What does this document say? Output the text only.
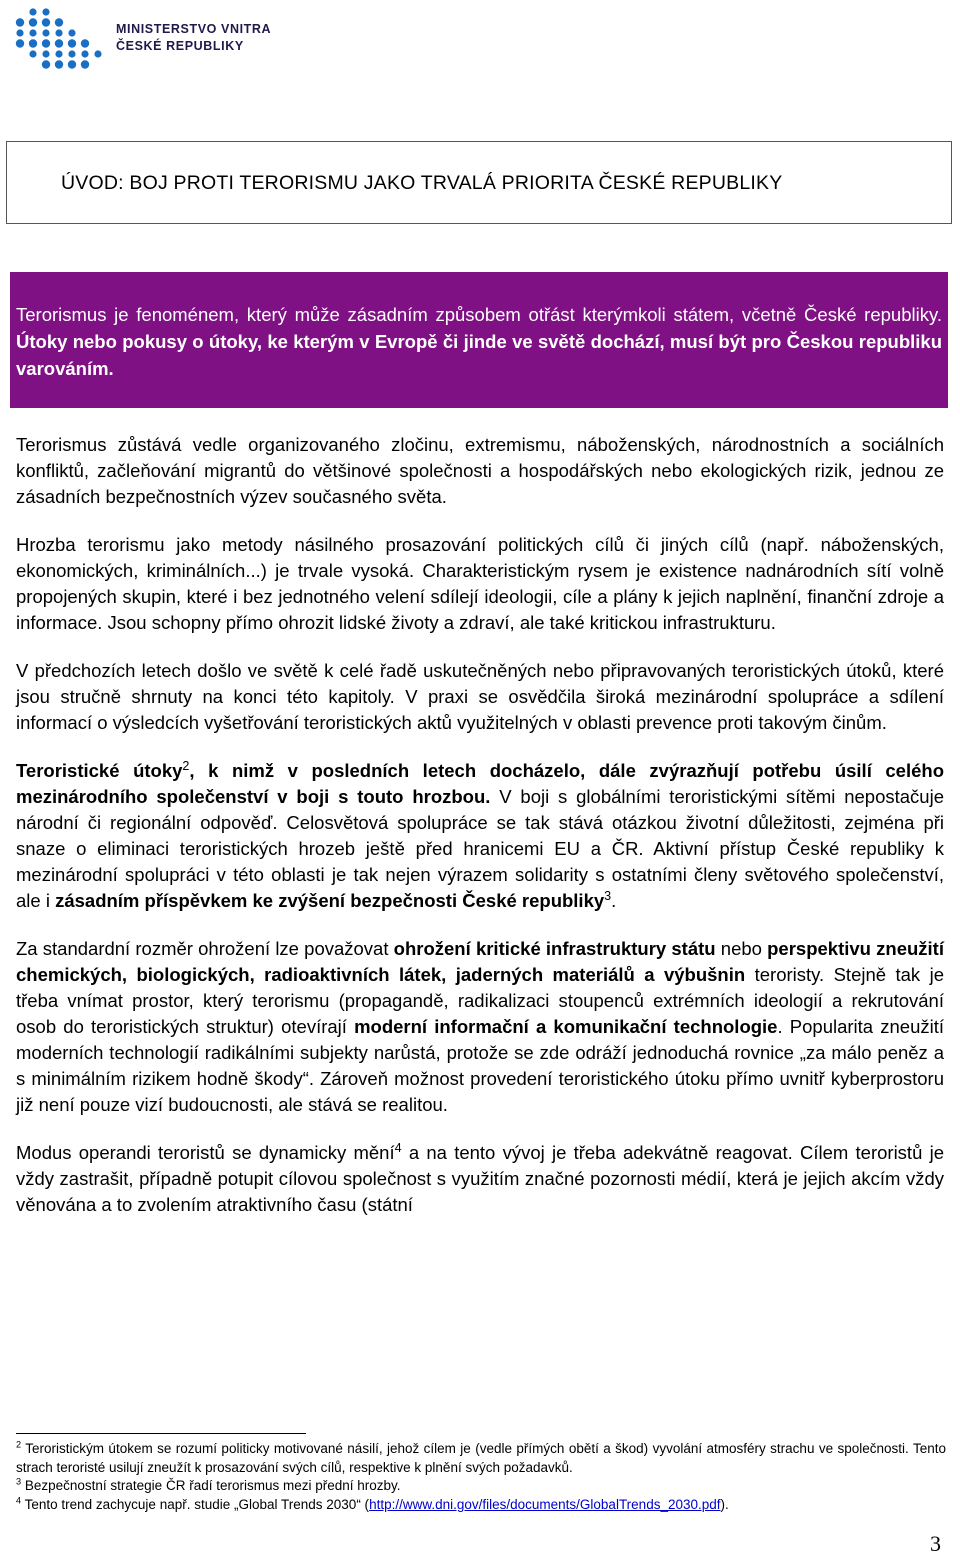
MINISTERSTVO VNITRA
ČESKÉ REPUBLIKY
ÚVOD: BOJ PROTI TERORISMU JAKO TRVALÁ PRIORITA ČESKÉ REPUBLIKY
Terorismus je fenoménem, který může zásadním způsobem otřást kterýmkoli státem, včetně České republiky. Útoky nebo pokusy o útoky, ke kterým v Evropě či jinde ve světě dochází, musí být pro Českou republiku varováním.

Terorismus zůstává vedle organizovaného zločinu, extremismu, náboženských, národnostních a sociálních konfliktů, začleňování migrantů do většinové společnosti a hospodářských nebo ekologických rizik, jednou ze zásadních bezpečnostních výzev současného světa.

Hrozba terorismu jako metody násilného prosazování politických cílů či jiných cílů (např. náboženských, ekonomických, kriminálních...) je trvale vysoká. Charakteristickým rysem je existence nadnárodních sítí volně propojených skupin, které i bez jednotného velení sdílejí ideologii, cíle a plány k jejich naplnění, finanční zdroje a informace. Jsou schopny přímo ohrozit lidské životy a zdraví, ale také kritickou infrastrukturu.

V předchozích letech došlo ve světě k celé řadě uskutečněných nebo připravovaných teroristických útoků, které jsou stručně shrnuty na konci této kapitoly. V praxi se osvědčila široká mezinárodní spolupráce a sdílení informací o výsledcích vyšetřování teroristických aktů využitelných v oblasti prevence proti takovým činům.

Teroristické útoky$^2$, k nimž v posledních letech docházelo, dále zvýrazňují potřebu úsilí celého mezinárodního společenství v boji s touto hrozbou. V boji s globálními teroristickými sítěmi nepostačuje národní či regionální odpověď. Celosvětová spolupráce se tak stává otázkou životní důležitosti, zejména při snaze o eliminaci teroristických hrozeb ještě před hranicemi EU a ČR. Aktivní přístup České republiky k mezinárodní spolupráci v této oblasti je tak nejen výrazem solidarity s ostatními členy světového společenství, ale i zásadním příspěvkem ke zvýšení bezpečnosti České republiky$^3$.

Za standardní rozměr ohrožení lze považovat ohrožení kritické infrastruktury státu nebo perspektivu zneužití chemických, biologických, radioaktivních látek, jaderných materiálů a výbušnin teroristy. Stejně tak je třeba vnímat prostor, který terorismu (propagandě, radikalizaci stoupenců extrémních ideologií a rekrutování osob do teroristických struktur) otevírají moderní informační a komunikační technologie. Popularita zneužití moderních technologií radikálními subjekty narůstá, protože se zde odráží jednoduchá rovnice „za málo peněz a s minimálním rizikem hodně škody“. Zároveň možnost provedení teroristického útoku přímo uvnitř kyberprostoru již není pouze vizí budoucnosti, ale stává se realitou.

Modus operandi teroristů se dynamicky mění$^4$ a na tento vývoj je třeba adekvátně reagovat. Cílem teroristů je vždy zastrašit, případně potupit cílovou společnost s využitím značné pozornosti médií, která je jejich akcím vždy věnována a to zvolením atraktivního času (státní

$^2$ Teroristickým útokem se rozumí politicky motivované násilí, jehož cílem je (vedle přímých obětí a škod) vyvolání atmosféry strachu ve společnosti. Tento strach teroristé usilují zneužít k prosazování svých cílů, respektive k plnění svých požadavků.

$^3$ Bezpečnostní strategie ČR řadí terorismus mezi přední hrozby.

$^4$ Tento trend zachycuje např. studie „Global Trends 2030“ (http://www.dni.gov/files/documents/GlobalTrends_2030.pdf).

3
